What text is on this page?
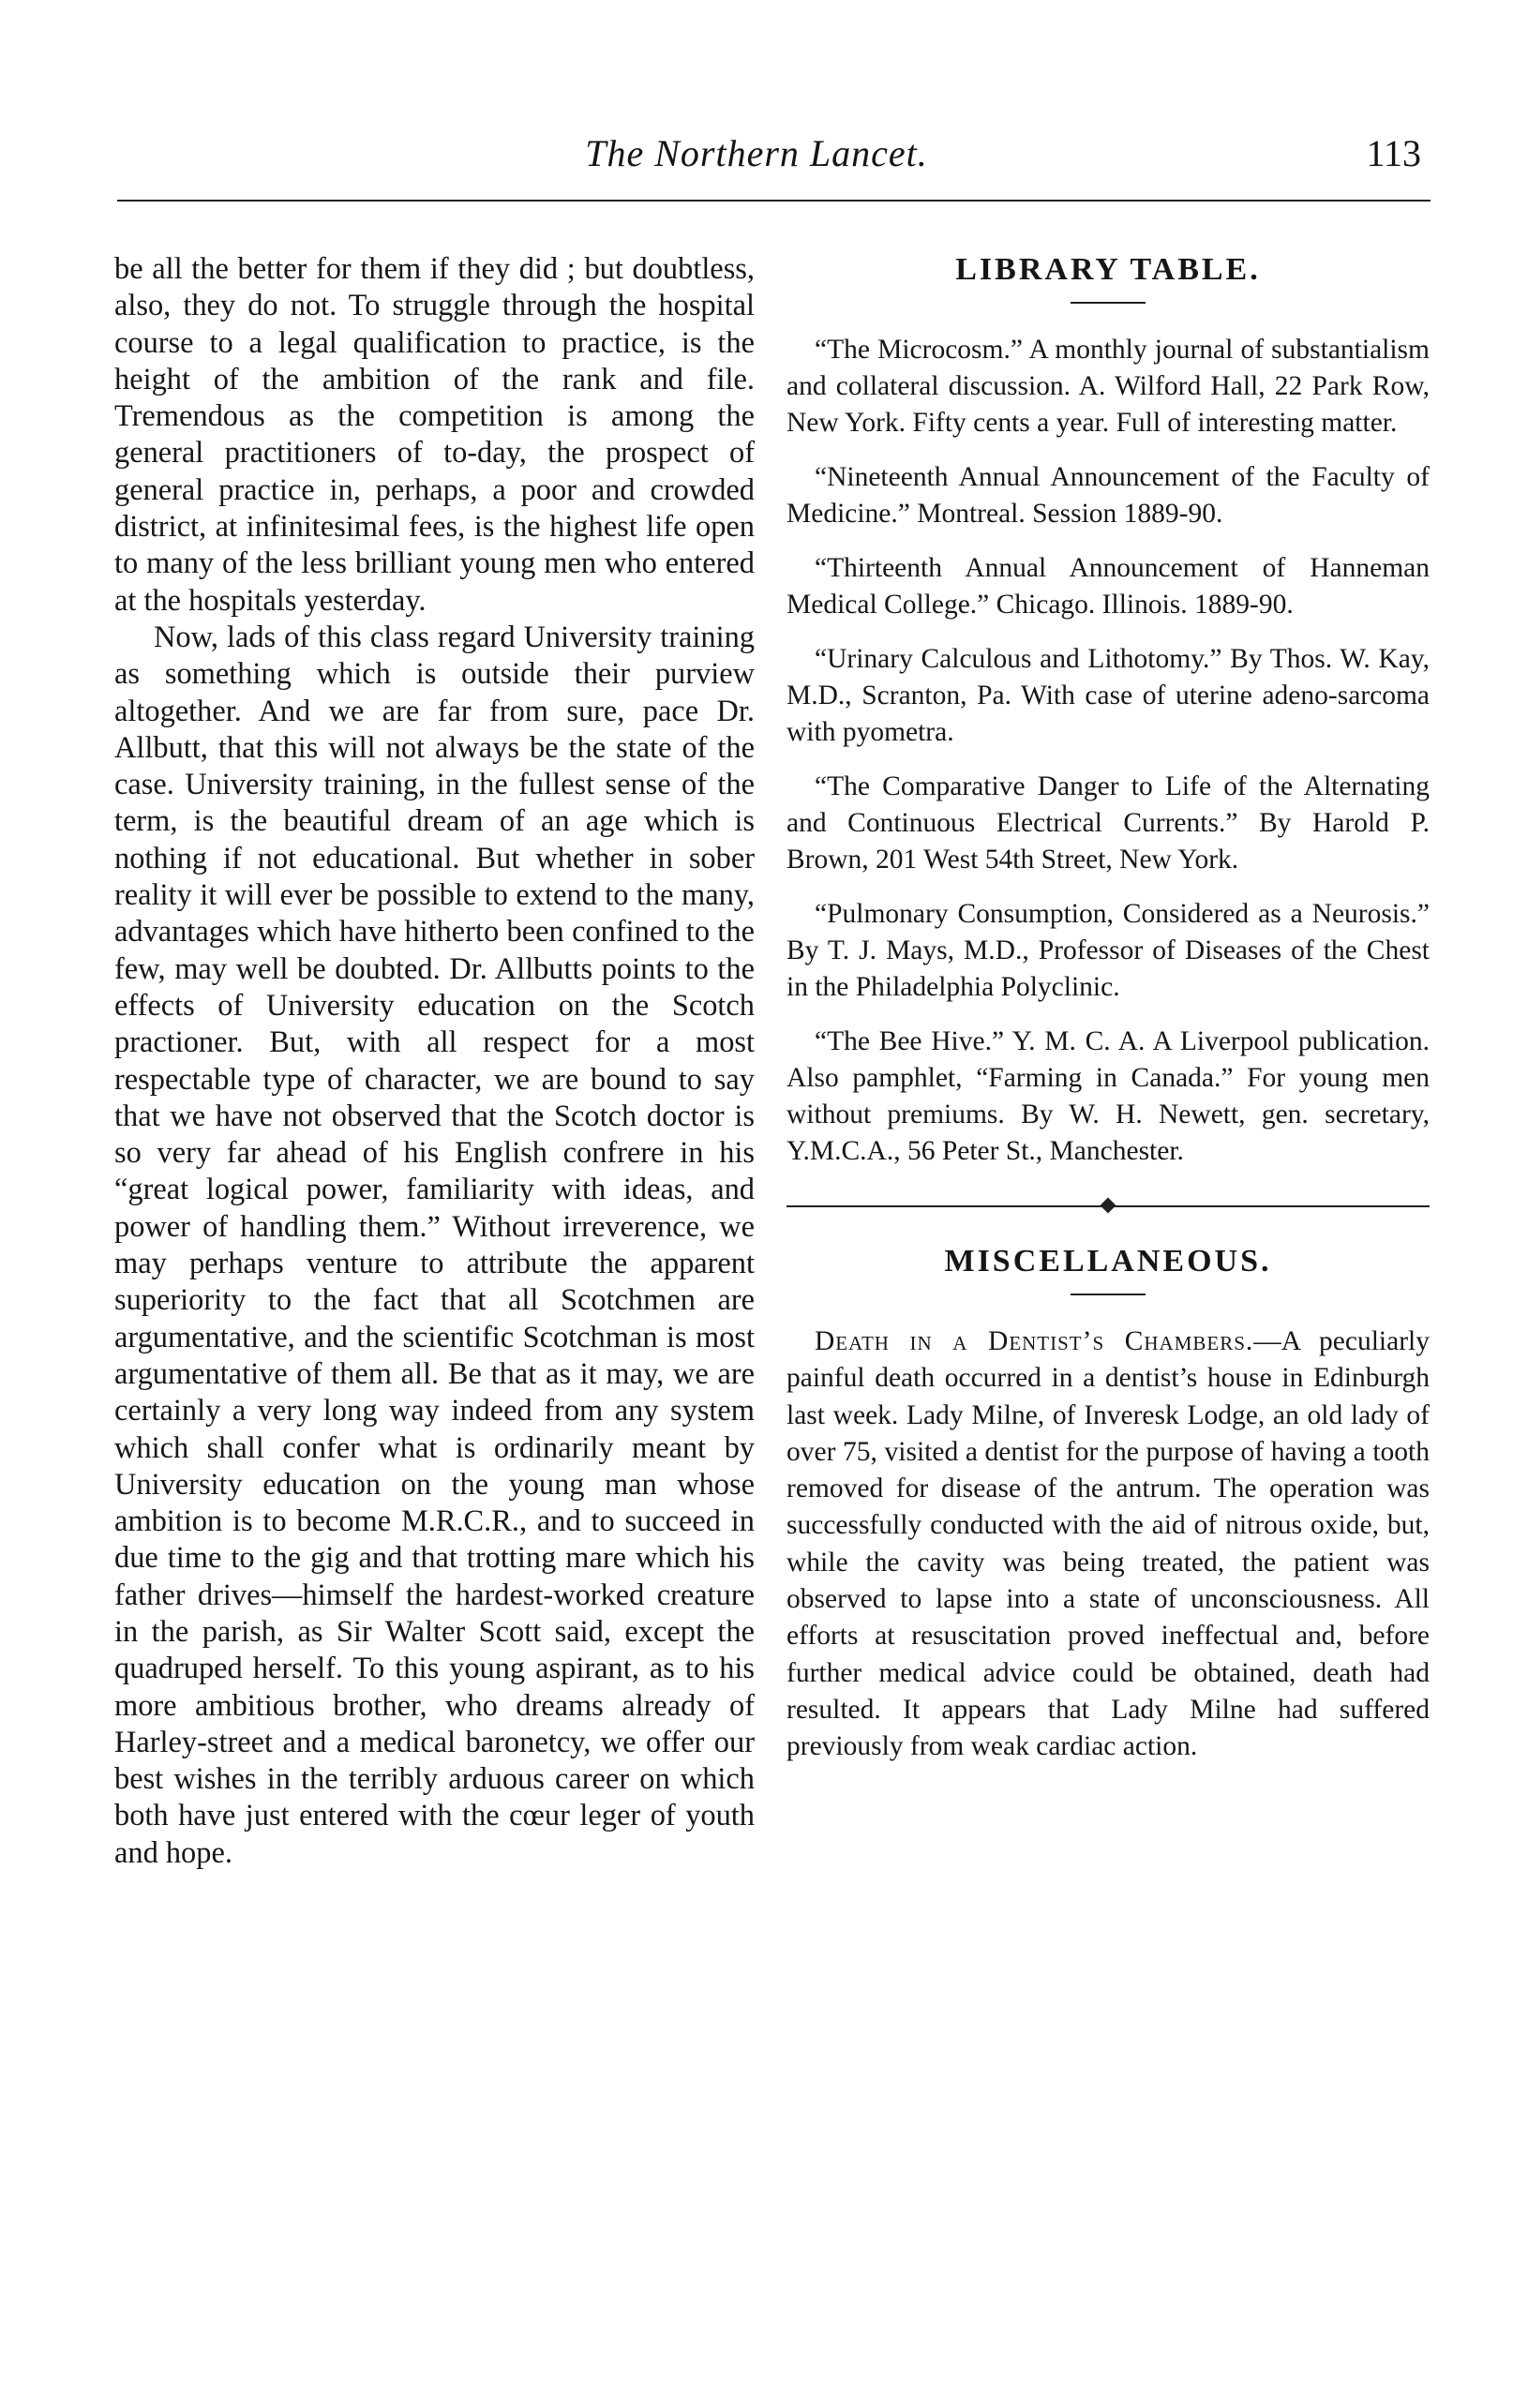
The Northern Lancet.	113

be all the better for them if they did ; but doubtless, also, they do not. To struggle through the hospital course to a legal qualification to practice, is the height of the ambition of the rank and file. Tremendous as the competition is among the general practitioners of to-day, the prospect of general practice in, perhaps, a poor and crowded district, at infinitesimal fees, is the highest life open to many of the less brilliant young men who entered at the hospitals yesterday.

Now, lads of this class regard University training as something which is outside their purview altogether. And we are far from sure, pace Dr. Allbutt, that this will not always be the state of the case. University training, in the fullest sense of the term, is the beautiful dream of an age which is nothing if not educational. But whether in sober reality it will ever be possible to extend to the many, advantages which have hitherto been confined to the few, may well be doubted. Dr. Allbutts points to the effects of University education on the Scotch practioner. But, with all respect for a most respectable type of character, we are bound to say that we have not observed that the Scotch doctor is so very far ahead of his English confrere in his “great logical power, familiarity with ideas, and power of handling them.” Without irreverence, we may perhaps venture to attribute the apparent superiority to the fact that all Scotchmen are argumentative, and the scientific Scotchman is most argumentative of them all. Be that as it may, we are certainly a very long way indeed from any system which shall confer what is ordinarily meant by University education on the young man whose ambition is to become M.R.C.R., and to succeed in due time to the gig and that trotting mare which his father drives—himself the hardest-worked creature in the parish, as Sir Walter Scott said, except the quadruped herself. To this young aspirant, as to his more ambitious brother, who dreams already of Harley-street and a medical baronetcy, we offer our best wishes in the terribly arduous career on which both have just entered with the cœur leger of youth and hope.

LIBRARY TABLE.

“The Microcosm.” A monthly journal of substantialism and collateral discussion. A. Wilford Hall, 22 Park Row, New York. Fifty cents a year. Full of interesting matter.

“Nineteenth Annual Announcement of the Faculty of Medicine.” Montreal. Session 1889-90.

“Thirteenth Annual Announcement of Hanneman Medical College.” Chicago. Illinois. 1889-90.

“Urinary Calculous and Lithotomy.” By Thos. W. Kay, M.D., Scranton, Pa. With case of uterine adeno-sarcoma with pyometra.

“The Comparative Danger to Life of the Alternating and Continuous Electrical Currents.” By Harold P. Brown, 201 West 54th Street, New York.

“Pulmonary Consumption, Considered as a Neurosis.” By T. J. Mays, M.D., Professor of Diseases of the Chest in the Philadelphia Polyclinic.

“The Bee Hive.” Y. M. C. A. A Liverpool publication. Also pamphlet, “Farming in Canada.” For young men without premiums. By W. H. Newett, gen. secretary, Y.M.C.A., 56 Peter St., Manchester.

MISCELLANEOUS.

Death in a Dentist’s Chambers.—A peculiarly painful death occurred in a dentist’s house in Edinburgh last week. Lady Milne, of Inveresk Lodge, an old lady of over 75, visited a dentist for the purpose of having a tooth removed for disease of the antrum. The operation was successfully conducted with the aid of nitrous oxide, but, while the cavity was being treated, the patient was observed to lapse into a state of unconsciousness. All efforts at resuscitation proved ineffectual and, before further medical advice could be obtained, death had resulted. It appears that Lady Milne had suffered previously from weak cardiac action.
